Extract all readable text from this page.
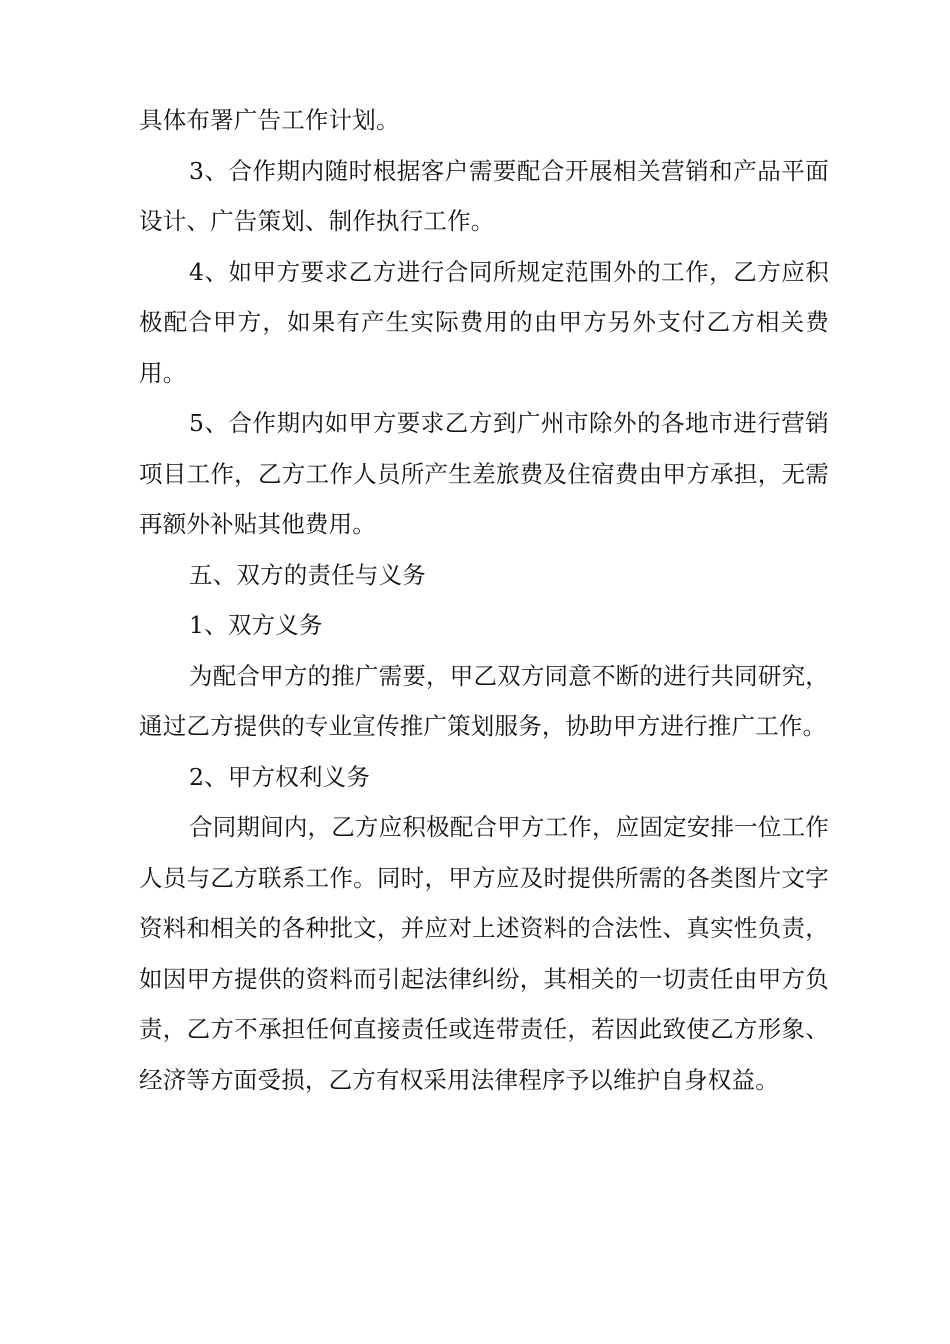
具体布署广告工作计划。

3、合作期内随时根据客户需要配合开展相关营销和产品平面设计、广告策划、制作执行工作。

4、如甲方要求乙方进行合同所规定范围外的工作，乙方应积极配合甲方，如果有产生实际费用的由甲方另外支付乙方相关费用。

5、合作期内如甲方要求乙方到广州市除外的各地市进行营销项目工作，乙方工作人员所产生差旅费及住宿费由甲方承担，无需再额外补贴其他费用。

五、双方的责任与义务

1、双方义务

为配合甲方的推广需要，甲乙双方同意不断的进行共同研究，通过乙方提供的专业宣传推广策划服务，协助甲方进行推广工作。

2、甲方权利义务

合同期间内，乙方应积极配合甲方工作，应固定安排一位工作人员与乙方联系工作。同时，甲方应及时提供所需的各类图片文字资料和相关的各种批文，并应对上述资料的合法性、真实性负责，如因甲方提供的资料而引起法律纠纷，其相关的一切责任由甲方负责，乙方不承担任何直接责任或连带责任，若因此致使乙方形象、经济等方面受损，乙方有权采用法律程序予以维护自身权益。
